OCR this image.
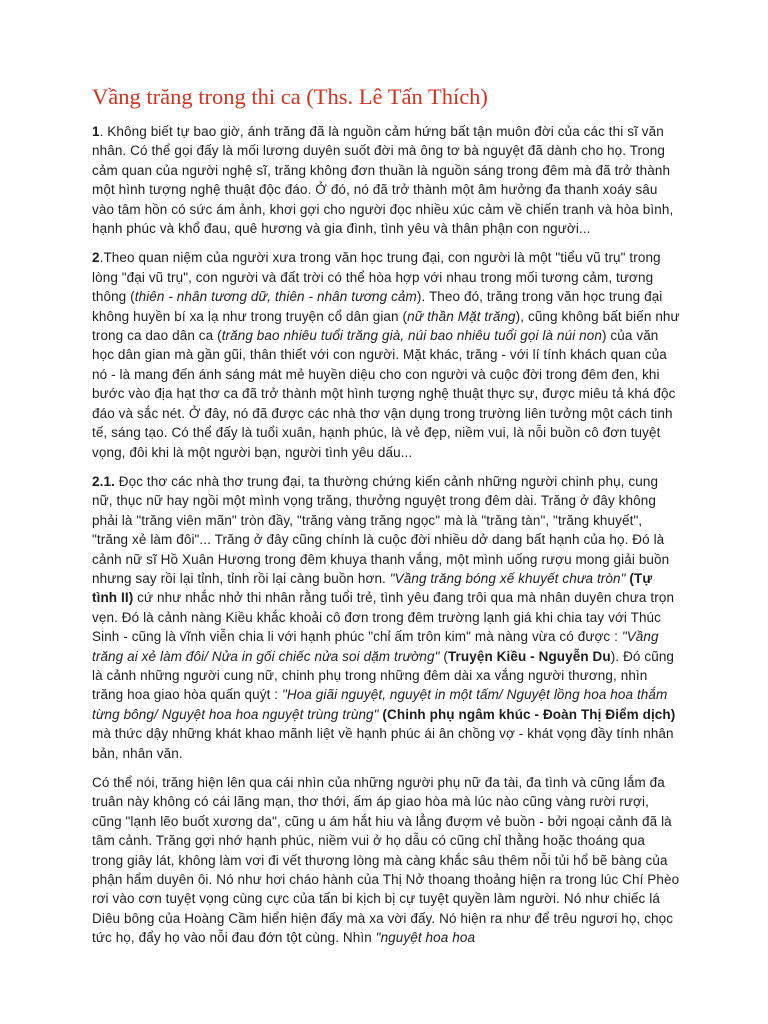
Vầng trăng trong thi ca (Ths. Lê Tấn Thích)

1. Không biết tự bao giờ, ánh trăng đã là nguồn cảm hứng bất tận muôn đời của các thi sĩ văn nhân. Có thể gọi đấy là mối lương duyên suốt đời mà ông tơ bà nguyệt đã dành cho họ. Trong cảm quan của người nghệ sĩ, trăng không đơn thuần là nguồn sáng trong đêm mà đã trở thành một hình tượng nghệ thuật độc đáo. Ở đó, nó đã trở thành một âm hưởng đa thanh xoáy sâu vào tâm hồn có sức ám ảnh, khơi gợi cho người đọc nhiều xúc cảm về chiến tranh và hòa bình, hạnh phúc và khổ đau, quê hương và gia đình, tình yêu và thân phận con người...

2.Theo quan niệm của người xưa trong văn học trung đại, con người là một "tiểu vũ trụ" trong lòng "đại vũ trụ", con người và đất trời có thể hòa hợp với nhau trong mối tương cảm, tương thông (thiên - nhân tương dữ, thiên - nhân tương cảm). Theo đó, trăng trong văn học trung đại không huyền bí xa lạ như trong truyện cổ dân gian (nữ thần Mặt trăng), cũng không bất biến như trong ca dao dân ca (trăng bao nhiêu tuổi trăng già, núi bao nhiêu tuổi gọi là núi non) của văn học dân gian mà gần gũi, thân thiết với con người. Mặt khác, trăng - với lí tính khách quan của nó - là mang đến ánh sáng mát mẻ huyền diệu cho con người và cuộc đời trong đêm đen, khi bước vào địa hạt thơ ca đã trở thành một hình tượng nghệ thuật thực sự, được miêu tả khá độc đáo và sắc nét. Ở đây, nó đã được các nhà thơ vận dụng trong trường liên tưởng một cách tinh tế, sáng tạo. Có thể đấy là tuổi xuân, hạnh phúc, là vẻ đẹp, niềm vui, là nỗi buồn cô đơn tuyệt vọng, đôi khi là một người bạn, người tình yêu dấu...

2.1. Đọc thơ các nhà thơ trung đại, ta thường chứng kiến cảnh những người chinh phụ, cung nữ, thục nữ hay ngồi một mình vọng trăng, thưởng nguyệt trong đêm dài. Trăng ở đây không phải là "trăng viên mãn" tròn đầy, "trăng vàng trăng ngọc" mà là "trăng tàn", "trăng khuyết", "trăng xẻ làm đôi"... Trăng ở đây cũng chính là cuộc đời nhiều dở dang bất hạnh của họ. Đó là cảnh nữ sĩ Hồ Xuân Hương trong đêm khuya thanh vắng, một mình uống rượu mong giải buồn nhưng say rồi lại tỉnh, tỉnh rồi lại càng buồn hơn. "Vầng trăng bóng xế khuyết chưa tròn" (Tự tình II) cứ như nhắc nhở thi nhân rằng tuổi trẻ, tình yêu đang trôi qua mà nhân duyên chưa trọn vẹn. Đó là cảnh nàng Kiều khắc khoải cô đơn trong đêm trường lạnh giá khi chia tay với Thúc Sinh - cũng là vĩnh viễn chia li với hạnh phúc "chỉ ấm trôn kim" mà nàng vừa có được : "Vầng trăng ai xẻ làm đôi/ Nửa in gối chiếc nửa soi dặm trường" (Truyện Kiều - Nguyễn Du). Đó cũng là cảnh những người cung nữ, chinh phụ trong những đêm dài xa vắng người thương, nhìn trăng hoa giao hòa quấn quýt : "Hoa giãi nguyệt, nguyệt in một tấm/ Nguyệt lồng hoa hoa thắm từng bông/ Nguyệt hoa hoa nguyệt trùng trùng" (Chinh phụ ngâm khúc - Đoàn Thị Điểm dịch) mà thức dậy những khát khao mãnh liệt về hạnh phúc ái ân chồng vợ - khát vọng đầy tính nhân bản, nhân văn.

Có thể nói, trăng hiện lên qua cái nhìn của những người phụ nữ đa tài, đa tình và cũng lắm đa truân này không có cái lãng mạn, thơ thới, ấm áp giao hòa mà lúc nào cũng vàng rười rượi, cũng "lạnh lẽo buốt xương da", cũng u ám hắt hiu và lẳng đượm vẻ buồn - bởi ngoại cảnh đã là tâm cảnh. Trăng gợi nhớ hạnh phúc, niềm vui ở họ dẫu có cũng chỉ thằng hoặc thoáng qua trong giây lát, không làm vơi đi vết thương lòng mà càng khắc sâu thêm nỗi tủi hổ bẽ bàng của phận hẩm duyên ôi. Nó như hơi cháo hành của Thị Nở thoang thoảng hiện ra trong lúc Chí Phèo rơi vào cơn tuyệt vọng cùng cực của tấn bi kịch bị cự tuyệt quyền làm người. Nó như chiếc lá Diêu bông của Hoàng Cầm hiển hiện đấy mà xa vời đấy. Nó hiện ra như để trêu ngươi họ, chọc tức họ, đẩy họ vào nỗi đau đớn tột cùng. Nhìn "nguyệt hoa hoa
